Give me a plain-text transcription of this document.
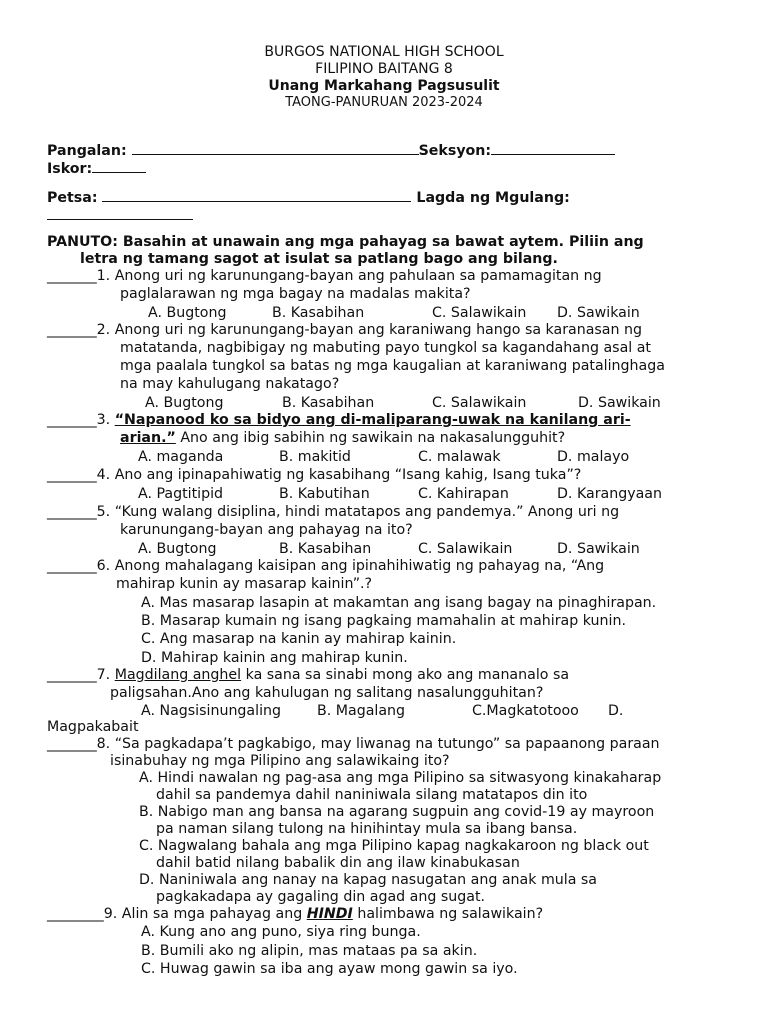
BURGOS NATIONAL HIGH SCHOOL
FILIPINO BAITANG 8
Unang Markahang Pagsusulit
TAONG-PANURUAN 2023-2024
Pangalan:	Seksyon:
Iskor:
Petsa:	Lagda ng Mgulang:
PANUTO: Basahin at unawain ang mga pahayag sa bawat aytem. Piliin ang
letra ng tamang sagot at isulat sa patlang bago ang bilang.
_______1. Anong uri ng karunungang-bayan ang pahulaan sa pamamagitan ng
paglalarawan ng mga bagay na madalas makita?
A. Bugtong	B. Kasabihan	C. Salawikain D. Sawikain
_______2. Anong uri ng karunungang-bayan ang karaniwang hango sa karanasan ng
matatanda, nagbibigay ng mabuting payo tungkol sa kagandahang asal at
mga paalala tungkol sa batas ng mga kaugalian at karaniwang patalinghaga
na may kahulugang nakatago?
A. Bugtong	B. Kasabihan	C. Salawikain	D. Sawikain
_______3. “Napanood ko sa bidyo ang di-maliparang-uwak na kanilang ari-
arian.” Ano ang ibig sabihin ng sawikain na nakasalungguhit?
A. maganda	B. makitid	C. malawak	D. malayo
_______4. Ano ang ipinapahiwatig ng kasabihang “Isang kahig, Isang tuka”?
A. Pagtitipid	B. Kabutihan	C. Kahirapan	D. Karangyaan
_______5. “Kung walang disiplina, hindi matatapos ang pandemya.” Anong uri ng
karunungang-bayan ang pahayag na ito?
A. Bugtong	B. Kasabihan	C. Salawikain	D. Sawikain
_______6. Anong mahalagang kaisipan ang ipinahihiwatig ng pahayag na, “Ang
mahirap kunin ay masarap kainin”.?
A. Mas masarap lasapin at makamtan ang isang bagay na pinaghirapan.
B. Masarap kumain ng isang pagkaing mamahalin at mahirap kunin.
C. Ang masarap na kanin ay mahirap kainin.
D. Mahirap kainin ang mahirap kunin.
_______7. Magdilang anghel ka sana sa sinabi mong ako ang mananalo sa
paligsahan.Ano ang kahulugan ng salitang nasalungguhitan?
A. Nagsisinungaling	B. Magalang	C.Magkatotooo D.
Magpakabait
_______8. “Sa pagkadapa’t pagkabigo, may liwanag na tutungo” sa papaanong paraan
isinabuhay ng mga Pilipino ang salawikaing ito?
A. Hindi nawalan ng pag-asa ang mga Pilipino sa sitwasyong kinakaharap
dahil sa pandemya dahil naniniwala silang matatapos din ito
B. Nabigo man ang bansa na agarang sugpuin ang covid-19 ay mayroon
pa naman silang tulong na hinihintay mula sa ibang bansa.
C. Nagwalang bahala ang mga Pilipino kapag nagkakaroon ng black out
dahil batid nilang babalik din ang ilaw kinabukasan
D. Naniniwala ang nanay na kapag nasugatan ang anak mula sa
pagkakadapa ay gagaling din agad ang sugat.
________9. Alin sa mga pahayag ang HINDI halimbawa ng salawikain?
A. Kung ano ang puno, siya ring bunga.
B. Bumili ako ng alipin, mas mataas pa sa akin.
C. Huwag gawin sa iba ang ayaw mong gawin sa iyo.
